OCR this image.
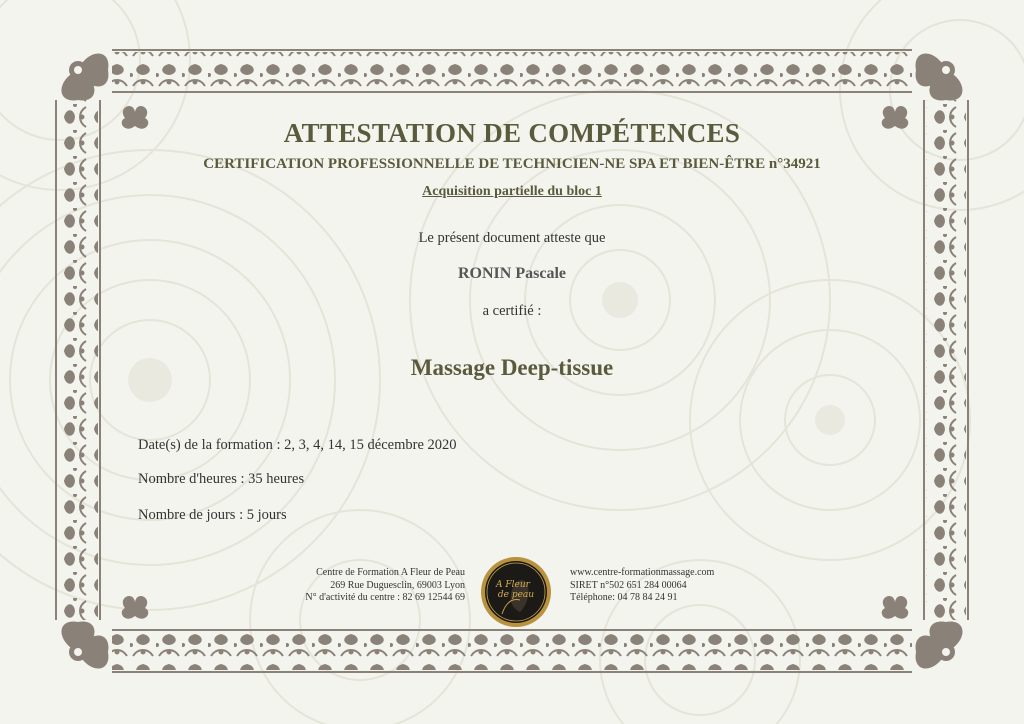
ATTESTATION DE COMPÉTENCES
CERTIFICATION PROFESSIONNELLE DE TECHNICIEN-NE SPA ET BIEN-ÊTRE n°34921
Acquisition partielle du bloc 1
Le présent document atteste que
RONIN Pascale
a certifié :
Massage Deep-tissue
Date(s) de la formation : 2, 3, 4, 14, 15 décembre 2020
Nombre d'heures : 35 heures
Nombre de jours : 5 jours
Centre de Formation A Fleur de Peau
269 Rue Duguesclin, 69003 Lyon
N° d'activité du centre : 82 69 12544 69
A Fleur
de peau
www.centre-formationmassage.com
SIRET n°502 651 284 00064
Téléphone: 04 78 84 24 91
